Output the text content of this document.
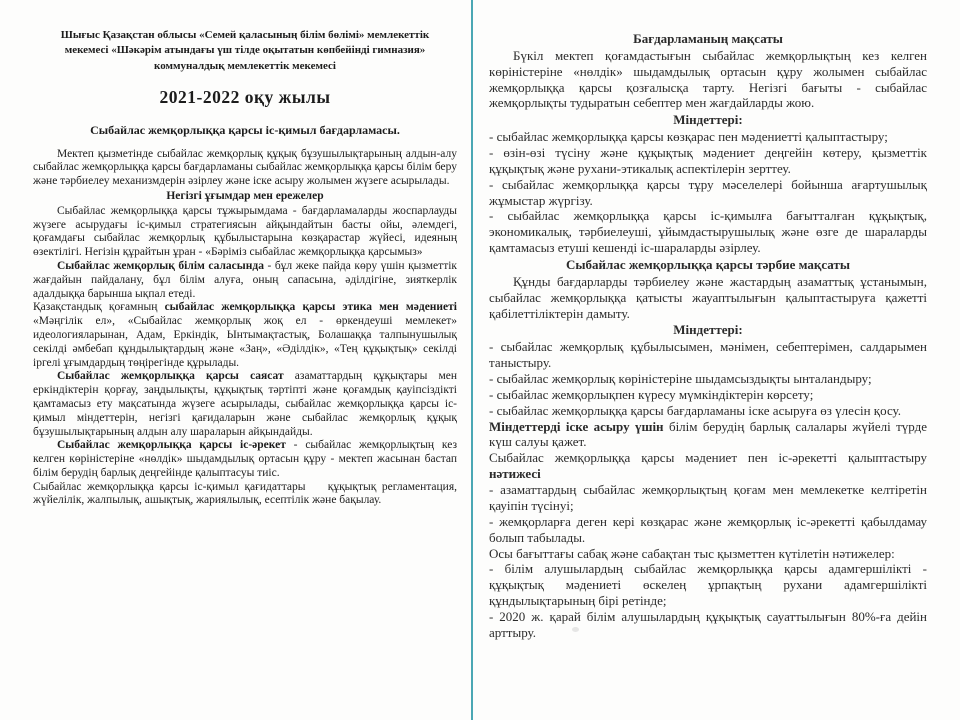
Шығыс Қазақстан облысы «Семей қаласының білім бөлімі» мемлекеттік мекемесі «Шәкәрім атындағы үш тілде оқытатын көпбейінді гимназия» коммуналдық мемлекеттік мекемесі
2021-2022 оқу жылы
Сыбайлас жемқорлыққа қарсы іс-қимыл бағдарламасы.

Мектеп қызметінде сыбайлас жемқорлық құқық бұзушылықтарының алдын-алу сыбайлас жемқорлыққа қарсы бағдарламаны сыбайлас жемқорлыққа қарсы білім беру және тәрбиелеу механизмдерін әзірлеу және іске асыру жолымен жүзеге асырылады.

Негізгі ұғымдар мен ережелер

Сыбайлас жемқорлыққа қарсы тұжырымдама - бағдарламаларды жоспарлауды жүзеге асырудағы іс-қимыл стратегиясын айқындайтын басты ойы, әлемдегі, қоғамдағы сыбайлас жемқорлық құбылыстарына көзқарастар жүйесі, идеяның өзектілігі. Негізін құрайтын ұран - «Бәріміз сыбайлас жемқорлыққа қарсымыз»

Сыбайлас жемқорлық білім саласында - бұл жеке пайда көру үшін қызметтік жағдайын пайдалану, бұл білім алуға, оның сапасына, әділдігіне, зияткерлік адалдыққа барынша ықпал етеді.

Қазақстандық қоғамның сыбайлас жемқорлыққа қарсы этика мен мәдениеті «Мәңгілік ел», «Сыбайлас жемқорлық жоқ ел - өркендеуші мемлекет» идеологияларынан, Адам, Еркіндік, Ынтымақтастық, Болашаққа талпынушылық секілді әмбебап құндылықтардың және «Заң», «Әділдік», «Тең құқықтық» секілді іргелі ұғымдардың төңірегінде құрылады.

Сыбайлас жемқорлыққа қарсы саясат азаматтардың құқықтары мен еркіндіктерін қорғау, заңдылықты, құқықтық тәртіпті және қоғамдық қауіпсіздікті қамтамасыз ету мақсатында жүзеге асырылады, сыбайлас жемқорлыққа қарсы іс-қимыл міндеттерін, негізгі қағидаларын және сыбайлас жемқорлық құқық бұзушылықтарының алдын алу шараларын айқындайды.

Сыбайлас жемқорлыққа қарсы іс-әрекет - сыбайлас жемқорлықтың кез келген көріністеріне «нөлдік» шыдамдылық ортасын құру - мектеп жасынан бастап білім берудің барлық деңгейінде қалыптасуы тиіс.

Сыбайлас жемқорлыққа қарсы іс-қимыл қағидаттары    құқықтық регламентация, жүйелілік, жалпылық, ашықтық, жариялылық, есептілік және бақылау.

Бағдарламаның мақсаты

Бүкіл мектеп қоғамдастығын сыбайлас жемқорлықтың кез келген көріністеріне «нөлдік» шыдамдылық ортасын құру жолымен сыбайлас жемқорлыққа қарсы қозғалысқа тарту. Негізгі бағыты - сыбайлас жемқорлықты тудыратын себептер мен жағдайларды жою.

Міндеттері:

- сыбайлас жемқорлыққа қарсы көзқарас пен мәдениетті қалыптастыру;

- өзін-өзі түсіну және құқықтық мәдениет деңгейін көтеру, қызметтік құқықтық және рухани-этикалық аспектілерін зерттеу.

- сыбайлас жемқорлыққа қарсы тұру мәселелері бойынша ағартушылық жұмыстар жүргізу.

- сыбайлас жемқорлыққа қарсы іс-қимылға бағытталған құқықтық, экономикалық, тәрбиелеуші, ұйымдастырушылық және өзге де шараларды қамтамасыз етуші кешенді іс-шараларды әзірлеу.

Сыбайлас жемқорлыққа қарсы тәрбие мақсаты

Құнды бағдарларды тәрбиелеу және жастардың азаматтық ұстанымын, сыбайлас жемқорлыққа қатысты жауаптылығын қалыптастыруға қажетті қабілеттіліктерін дамыту.

Міндеттері:

- сыбайлас жемқорлық құбылысымен, мәнімен, себептерімен, салдарымен таныстыру.

- сыбайлас жемқорлық көріністеріне шыдамсыздықты ынталандыру;

- сыбайлас жемқорлықпен күресу мүмкіндіктерін көрсету;

- сыбайлас жемқорлыққа қарсы бағдарламаны іске асыруға өз үлесін қосу.

Міндеттерді іске асыру үшін білім берудің барлық салалары жүйелі түрде күш салуы қажет.

Сыбайлас жемқорлыққа қарсы мәдениет пен іс-әрекетті қалыптастыру нәтижесі

- азаматтардың сыбайлас жемқорлықтың қоғам мен мемлекетке келтіретін қауіпін түсінуі;

- жемқорларға деген кері көзқарас және жемқорлық іс-әрекетті қабылдамау болып табылады.

Осы бағыттағы сабақ және сабақтан тыс қызметтен күтілетін нәтижелер:

- білім алушылардың сыбайлас жемқорлыққа қарсы адамгершілікті - құқықтық мәдениеті өскелең ұрпақтың рухани адамгершілікті құндылықтарының бірі ретінде;

- 2020 ж. қарай білім алушылардың құқықтық сауаттылығын 80%-ға дейін арттыру.
